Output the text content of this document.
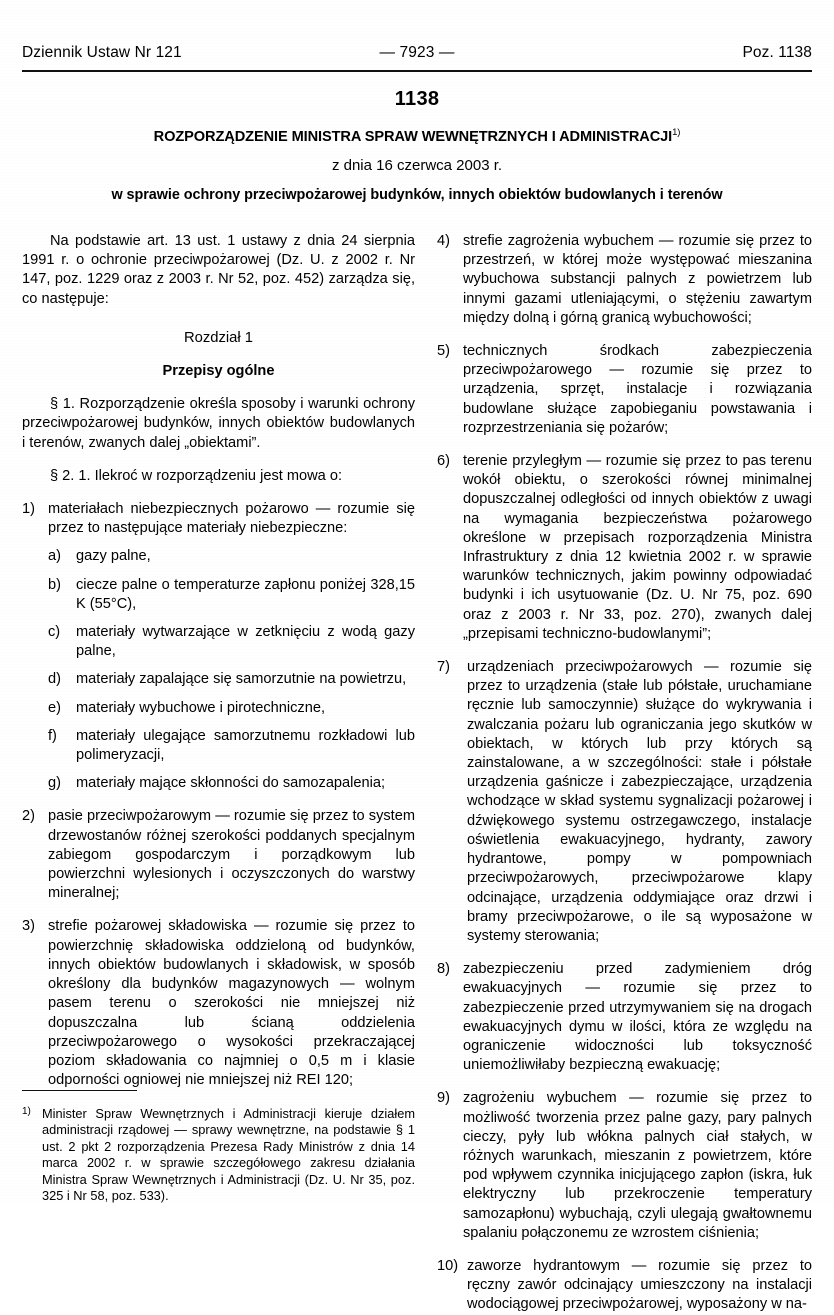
Dziennik Ustaw Nr 121	— 7923 —	Poz. 1138
1138
ROZPORZĄDZENIE MINISTRA SPRAW WEWNĘTRZNYCH I ADMINISTRACJI$^{1)}$
z dnia 16 czerwca 2003 r.
w sprawie ochrony przeciwpożarowej budynków, innych obiektów budowlanych i terenów
Na podstawie art. 13 ust. 1 ustawy z dnia 24 sierpnia 1991 r. o ochronie przeciwpożarowej (Dz. U. z 2002 r. Nr 147, poz. 1229 oraz z 2003 r. Nr 52, poz. 452) zarządza się, co następuje:
Rozdział 1
Przepisy ogólne
§ 1. Rozporządzenie określa sposoby i warunki ochrony przeciwpożarowej budynków, innych obiektów budowlanych i terenów, zwanych dalej „obiektami”.
§ 2. 1. Ilekroć w rozporządzeniu jest mowa o:
1) materiałach niebezpiecznych pożarowo — rozumie się przez to następujące materiały niebezpieczne:
a)	gazy palne,
b)	ciecze palne o temperaturze zapłonu poniżej 328,15 K (55°C),
c)	materiały wytwarzające w zetknięciu z wodą gazy palne,
d)	materiały zapalające się samorzutnie na powietrzu,
e)	materiały wybuchowe i pirotechniczne,
f)	materiały ulegające samorzutnemu rozkładowi lub polimeryzacji,
g)	materiały mające skłonności do samozapalenia;
2) pasie przeciwpożarowym — rozumie się przez to system drzewostanów różnej szerokości poddanych specjalnym zabiegom gospodarczym i porządkowym lub powierzchni wylesionych i oczyszczonych do warstwy mineralnej;
3) strefie pożarowej składowiska — rozumie się przez to powierzchnię składowiska oddzieloną od budynków, innych obiektów budowlanych i składowisk, w sposób określony dla budynków magazynowych — wolnym pasem terenu o szerokości nie mniejszej niż dopuszczalna lub ścianą oddzielenia przeciwpożarowego o wysokości przekraczającej poziom składowania co najmniej o 0,5 m i klasie odporności ogniowej nie mniejszej niż REI 120;
4) strefie zagrożenia wybuchem — rozumie się przez to przestrzeń, w której może występować mieszanina wybuchowa substancji palnych z powietrzem lub innymi gazami utleniającymi, o stężeniu zawartym między dolną i górną granicą wybuchowości;
5) technicznych środkach zabezpieczenia przeciwpożarowego — rozumie się przez to urządzenia, sprzęt, instalacje i rozwiązania budowlane służące zapobieganiu powstawania i rozprzestrzeniania się pożarów;
6) terenie przyległym — rozumie się przez to pas terenu wokół obiektu, o szerokości równej minimalnej dopuszczalnej odległości od innych obiektów z uwagi na wymagania bezpieczeństwa pożarowego określone w przepisach rozporządzenia Ministra Infrastruktury z dnia 12 kwietnia 2002 r. w sprawie warunków technicznych, jakim powinny odpowiadać budynki i ich usytuowanie (Dz. U. Nr 75, poz. 690 oraz z 2003 r. Nr 33, poz. 270), zwanych dalej „przepisami techniczno-budowlanymi”;
7)	urządzeniach przeciwpożarowych — rozumie się przez to urządzenia (stałe lub półstałe, uruchamiane ręcznie lub samoczynnie) służące do wykrywania i zwalczania pożaru lub ograniczania jego skutków w obiektach, w których lub przy których są zainstalowane, a w szczególności: stałe i półstałe urządzenia gaśnicze i zabezpieczające, urządzenia wchodzące w skład systemu sygnalizacji pożarowej i dźwiękowego systemu ostrzegawczego, instalacje oświetlenia ewakuacyjnego, hydranty, zawory hydrantowe, pompy w pompowniach przeciwpożarowych, przeciwpożarowe klapy odcinające, urządzenia oddymiające oraz drzwi i bramy przeciwpożarowe, o ile są wyposażone w systemy sterowania;
8) zabezpieczeniu przed zadymieniem dróg ewakuacyjnych — rozumie się przez to zabezpieczenie przed utrzymywaniem się na drogach ewakuacyjnych dymu w ilości, która ze względu na ograniczenie widoczności lub toksyczność uniemożliwiłaby bezpieczną ewakuację;
9) zagrożeniu wybuchem — rozumie się przez to możliwość tworzenia przez palne gazy, pary palnych cieczy, pyły lub włókna palnych ciał stałych, w różnych warunkach, mieszanin z powietrzem, które pod wpływem czynnika inicjującego zapłon (iskra, łuk elektryczny lub przekroczenie temperatury samozapłonu) wybuchają, czyli ulegają gwałtownemu spalaniu połączonemu ze wzrostem ciśnienia;
10) zaworze hydrantowym — rozumie się przez to ręczny zawór odcinający umieszczony na instalacji wodociągowej przeciwpożarowej, wyposażony w na-
1) Minister Spraw Wewnętrznych i Administracji kieruje działem administracji rządowej — sprawy wewnętrzne, na podstawie § 1 ust. 2 pkt 2 rozporządzenia Prezesa Rady Ministrów z dnia 14 marca 2002 r. w sprawie szczegółowego zakresu działania Ministra Spraw Wewnętrznych i Administracji (Dz. U. Nr 35, poz. 325 i Nr 58, poz. 533).
